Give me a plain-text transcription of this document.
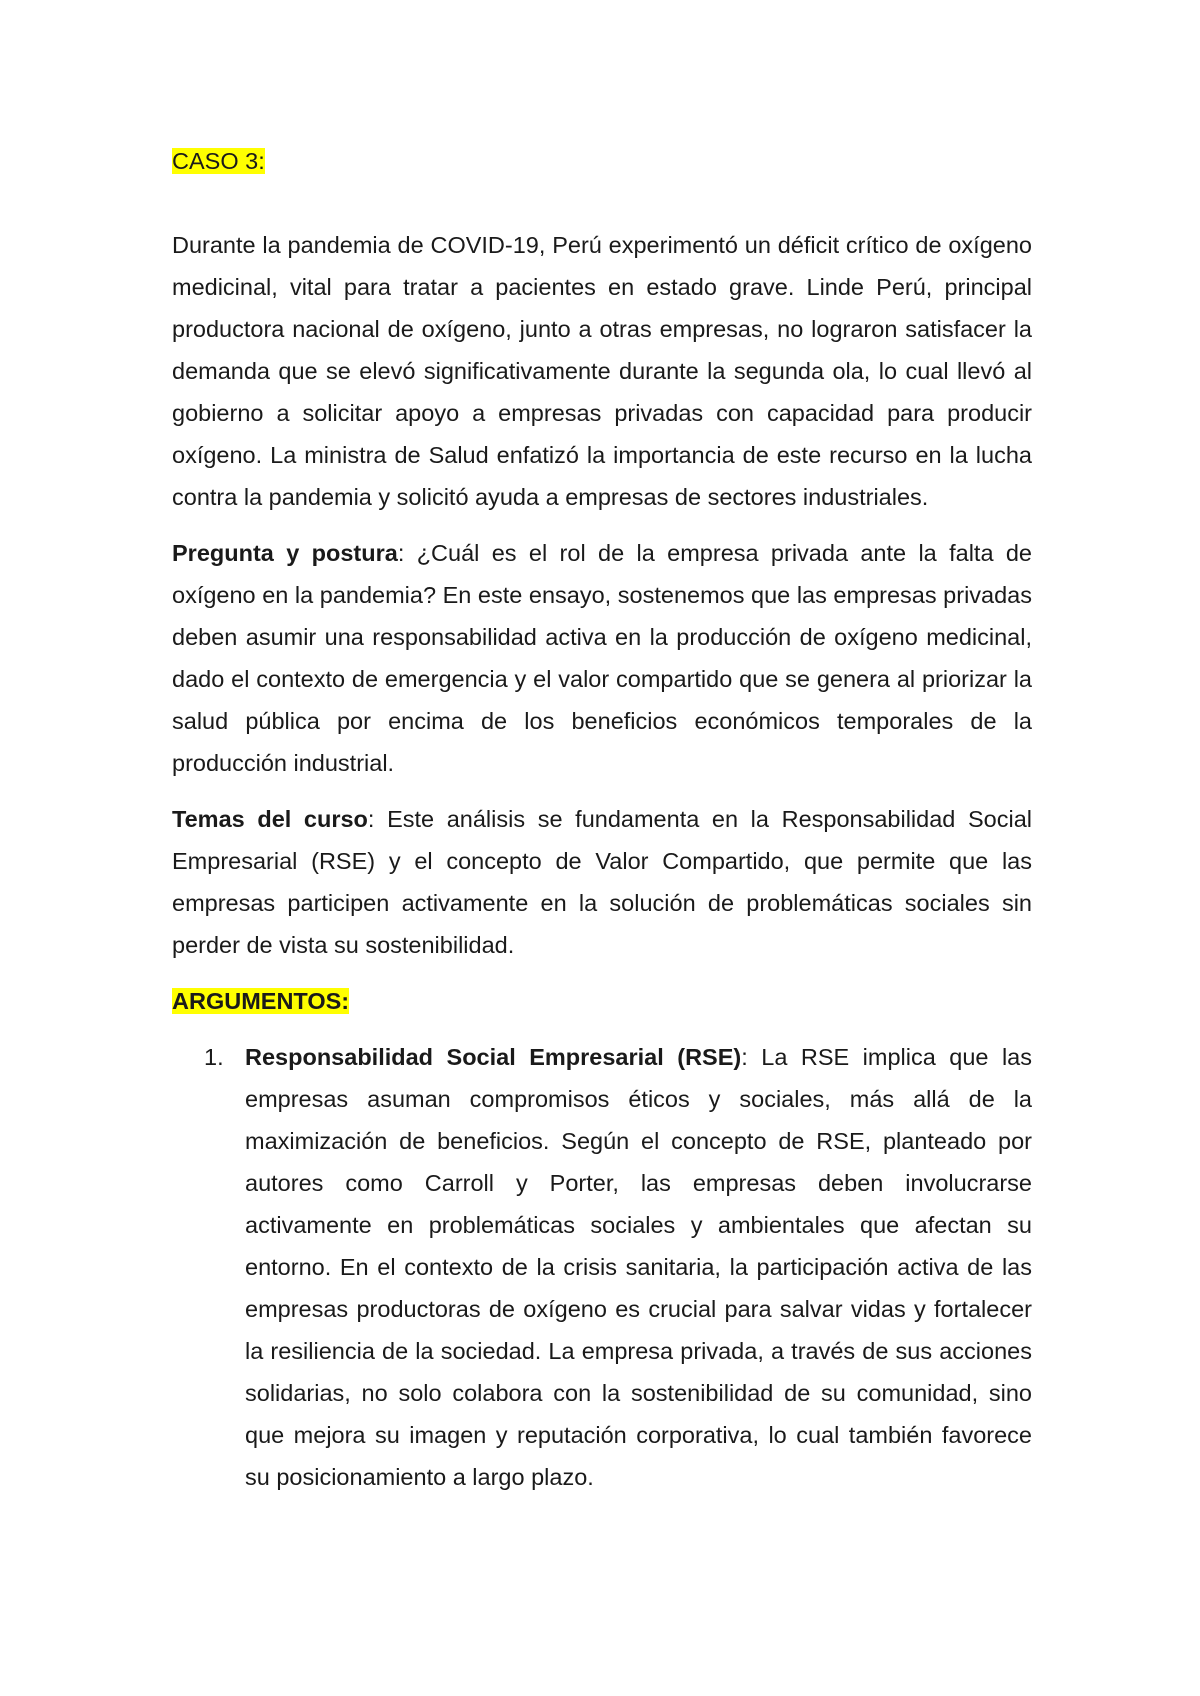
CASO 3:

Durante la pandemia de COVID-19, Perú experimentó un déficit crítico de oxígeno medicinal, vital para tratar a pacientes en estado grave. Linde Perú, principal productora nacional de oxígeno, junto a otras empresas, no lograron satisfacer la demanda que se elevó significativamente durante la segunda ola, lo cual llevó al gobierno a solicitar apoyo a empresas privadas con capacidad para producir oxígeno. La ministra de Salud enfatizó la importancia de este recurso en la lucha contra la pandemia y solicitó ayuda a empresas de sectores industriales.

Pregunta y postura: ¿Cuál es el rol de la empresa privada ante la falta de oxígeno en la pandemia? En este ensayo, sostenemos que las empresas privadas deben asumir una responsabilidad activa en la producción de oxígeno medicinal, dado el contexto de emergencia y el valor compartido que se genera al priorizar la salud pública por encima de los beneficios económicos temporales de la producción industrial.

Temas del curso: Este análisis se fundamenta en la Responsabilidad Social Empresarial (RSE) y el concepto de Valor Compartido, que permite que las empresas participen activamente en la solución de problemáticas sociales sin perder de vista su sostenibilidad.

ARGUMENTOS:
1. Responsabilidad Social Empresarial (RSE): La RSE implica que las empresas asuman compromisos éticos y sociales, más allá de la maximización de beneficios. Según el concepto de RSE, planteado por autores como Carroll y Porter, las empresas deben involucrarse activamente en problemáticas sociales y ambientales que afectan su entorno. En el contexto de la crisis sanitaria, la participación activa de las empresas productoras de oxígeno es crucial para salvar vidas y fortalecer la resiliencia de la sociedad. La empresa privada, a través de sus acciones solidarias, no solo colabora con la sostenibilidad de su comunidad, sino que mejora su imagen y reputación corporativa, lo cual también favorece su posicionamiento a largo plazo.
